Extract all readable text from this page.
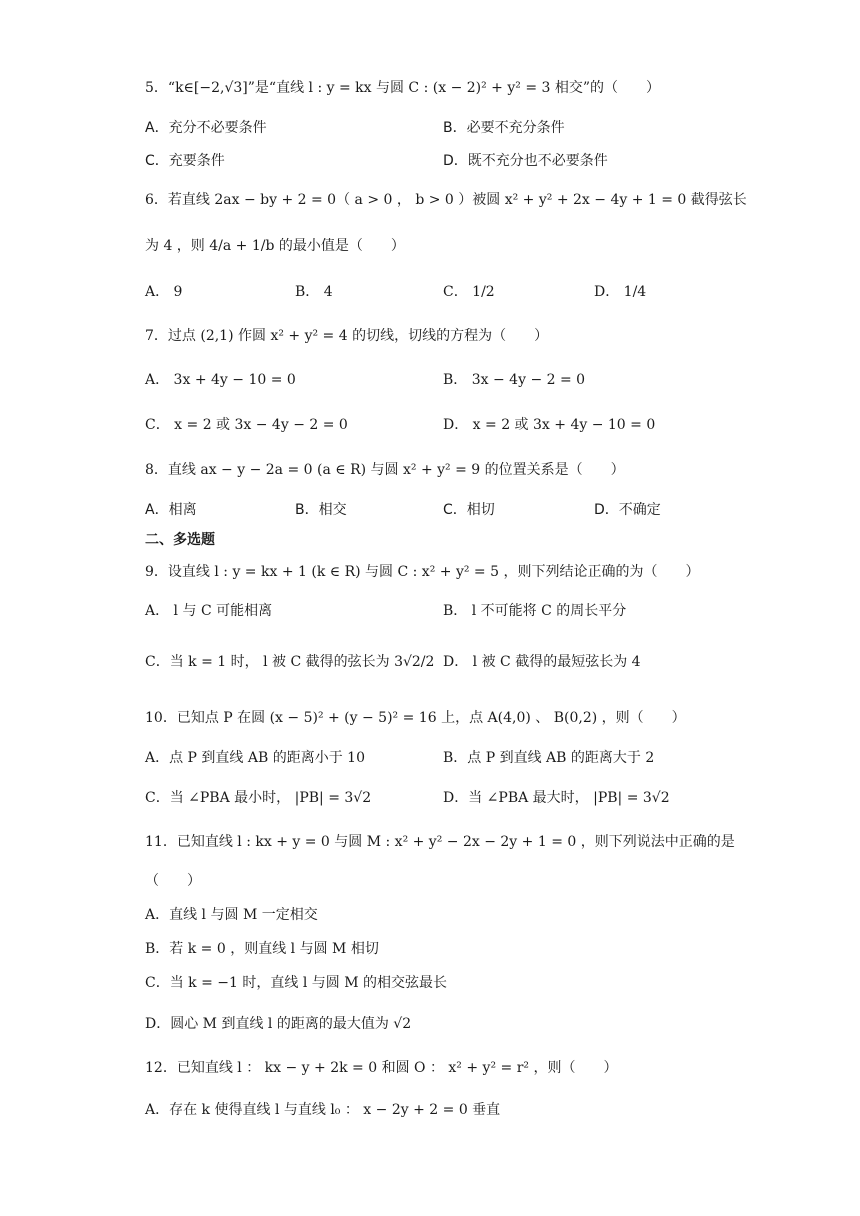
5．“k∈[−2,√3]”是“直线 l : y = kx 与圆 C : (x − 2)² + y² = 3 相交”的（　　）
A．充分不必要条件	B．必要不充分条件
C．充要条件	D．既不充分也不必要条件
6．若直线 2ax − by + 2 = 0（ a > 0 ， b > 0 ）被圆 x² + y² + 2x − 4y + 1 = 0 截得弦长
为 4 ，则 4/a + 1/b 的最小值是（　　）
A． 9	B． 4	C． 1/2	D． 1/4
7．过点 (2,1) 作圆 x² + y² = 4 的切线，切线的方程为（　　）
A． 3x + 4y − 10 = 0	B． 3x − 4y − 2 = 0
C． x = 2 或 3x − 4y − 2 = 0	D． x = 2 或 3x + 4y − 10 = 0
8．直线 ax − y − 2a = 0 (a ∈ R) 与圆 x² + y² = 9 的位置关系是（　　）
A．相离	B．相交	C．相切	D．不确定
二、多选题
9．设直线 l : y = kx + 1 (k ∈ R) 与圆 C : x² + y² = 5 ，则下列结论正确的为（　　）
A． l 与 C 可能相离	B． l 不可能将 C 的周长平分
C．当 k = 1 时， l 被 C 截得的弦长为 3√2/2 D． l 被 C 截得的最短弦长为 4
10．已知点 P 在圆 (x − 5)² + (y − 5)² = 16 上，点 A(4,0) 、 B(0,2) ，则（　　）
A．点 P 到直线 AB 的距离小于 10	B．点 P 到直线 AB 的距离大于 2
C．当 ∠PBA 最小时， |PB| = 3√2	D．当 ∠PBA 最大时， |PB| = 3√2
11．已知直线 l : kx + y = 0 与圆 M : x² + y² − 2x − 2y + 1 = 0 ，则下列说法中正确的是
（　　）
A．直线 l 与圆 M 一定相交
B．若 k = 0 ，则直线 l 与圆 M 相切
C．当 k = −1 时，直线 l 与圆 M 的相交弦最长
D．圆心 M 到直线 l 的距离的最大值为 √2
12．已知直线 l ： kx − y + 2k = 0 和圆 O ： x² + y² = r² ，则（　　）
A．存在 k 使得直线 l 与直线 l₀ ： x − 2y + 2 = 0 垂直
